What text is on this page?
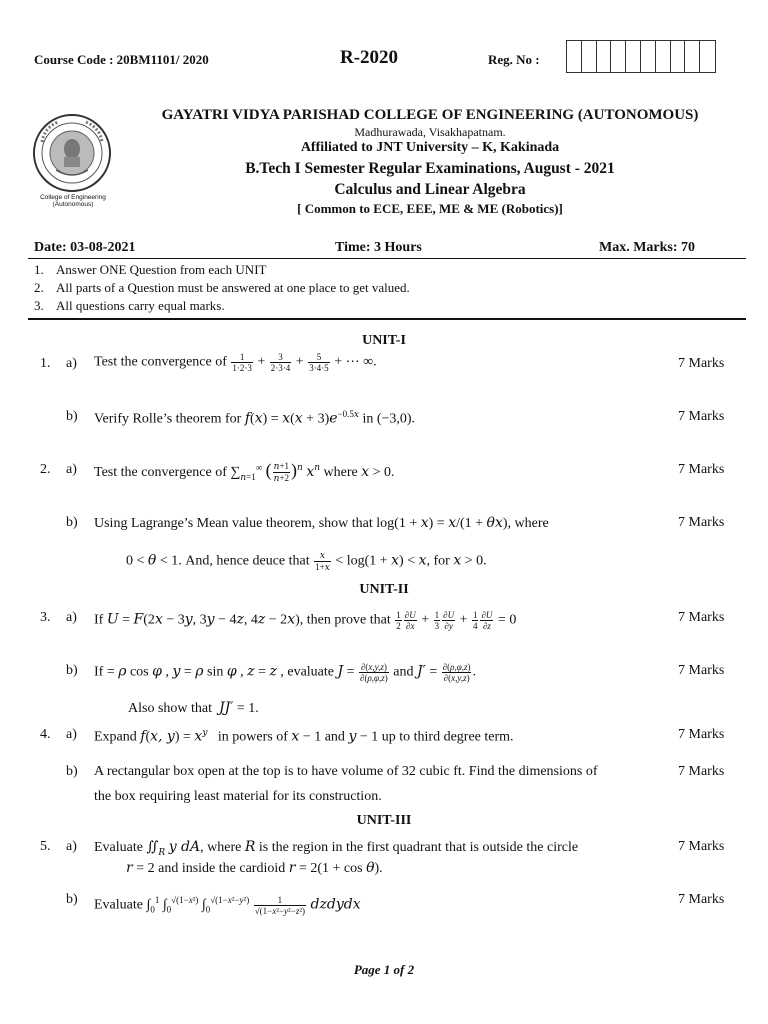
Course Code : 20BM1101/ 2020	R-2020	Reg. No :
College of Engineering
(Autonomous)
GAYATRI VIDYA PARISHAD COLLEGE OF ENGINEERING (AUTONOMOUS)
Madhurawada, Visakhapatnam.
Affiliated to JNT University – K, Kakinada
B.Tech I Semester Regular Examinations, August - 2021
Calculus and Linear Algebra
[ Common to ECE, EEE, ME & ME (Robotics)]
Date: 03-08-2021	Time: 3 Hours	Max. Marks: 70
1. Answer ONE Question from each UNIT
2. All parts of a Question must be answered at one place to get valued.
3. All questions carry equal marks.
UNIT-I
1. a) Test the convergence of $\frac{1}{1\cdot 2\cdot 3} + \frac{3}{2\cdot 3\cdot 4} + \frac{5}{3\cdot 4\cdot 5}$ + ⋯ ∞.	7 Marks
b) Verify Rolle’s theorem for $f(x) = x(x + 3)e^{-0.5x}$ in (−3,0).	7 Marks
2. a) Test the convergence of $\sum_{n=1}^\infty$ ( $\frac{n+1}{n+2} )^n$ $x^n$ where x > 0.	7 Marks
b) Using Lagrange’s Mean value theorem, show that log(1 + x) = x/(1 + θx), where	7 Marks
0 < θ < 1. And, hence deuce that $\frac{x}{1+x} < \log(1 + x) < x$, for x > 0.
UNIT-II
3. a) If U = F(2x − 3y, 3y − 4z, 4z − 2x), then prove that $\frac{1}{2} \frac{\partial U}{\partial x} + \frac{1}{3} \frac{\partial U}{\partial y} + \frac{1}{4} \frac{\partial U}{\partial z} = 0$	7 Marks
b) If = ρ cos φ , y = ρ sin φ , z = z , evaluate $J = \frac{\partial(x,y,z)}{\partial(\rho,\varphi,z)}$ and $J' = \frac{\partial(\rho,\varphi,z)}{\partial(x,y,z)}$ .	7 Marks
Also show that JJ′ = 1.
4. a) Expand f(x, $y) = x^y$ in powers of x − 1 and y − 1 up to third degree term.	7 Marks
b) A rectangular box open at the top is to have volume of 32 cubic ft. Find the dimensions of	7 Marks
the box requiring least material for its construction.
UNIT-III
5. a) Evaluate $∬_R$ y dA, where R is the region in the first quadrant that is outside the circle	7 Marks
r = 2 and inside the cardioid r = 2(1 + cos θ).
b) Evaluate $\int_0^1$ $\int_0^{√(1-x^2)}$ $\int_0^{√(1-x^2-y^2)} \frac{1}{\text{√(1−x²−y²−z²)}}$ dzdydx	7 Marks
Page 1 of 2
